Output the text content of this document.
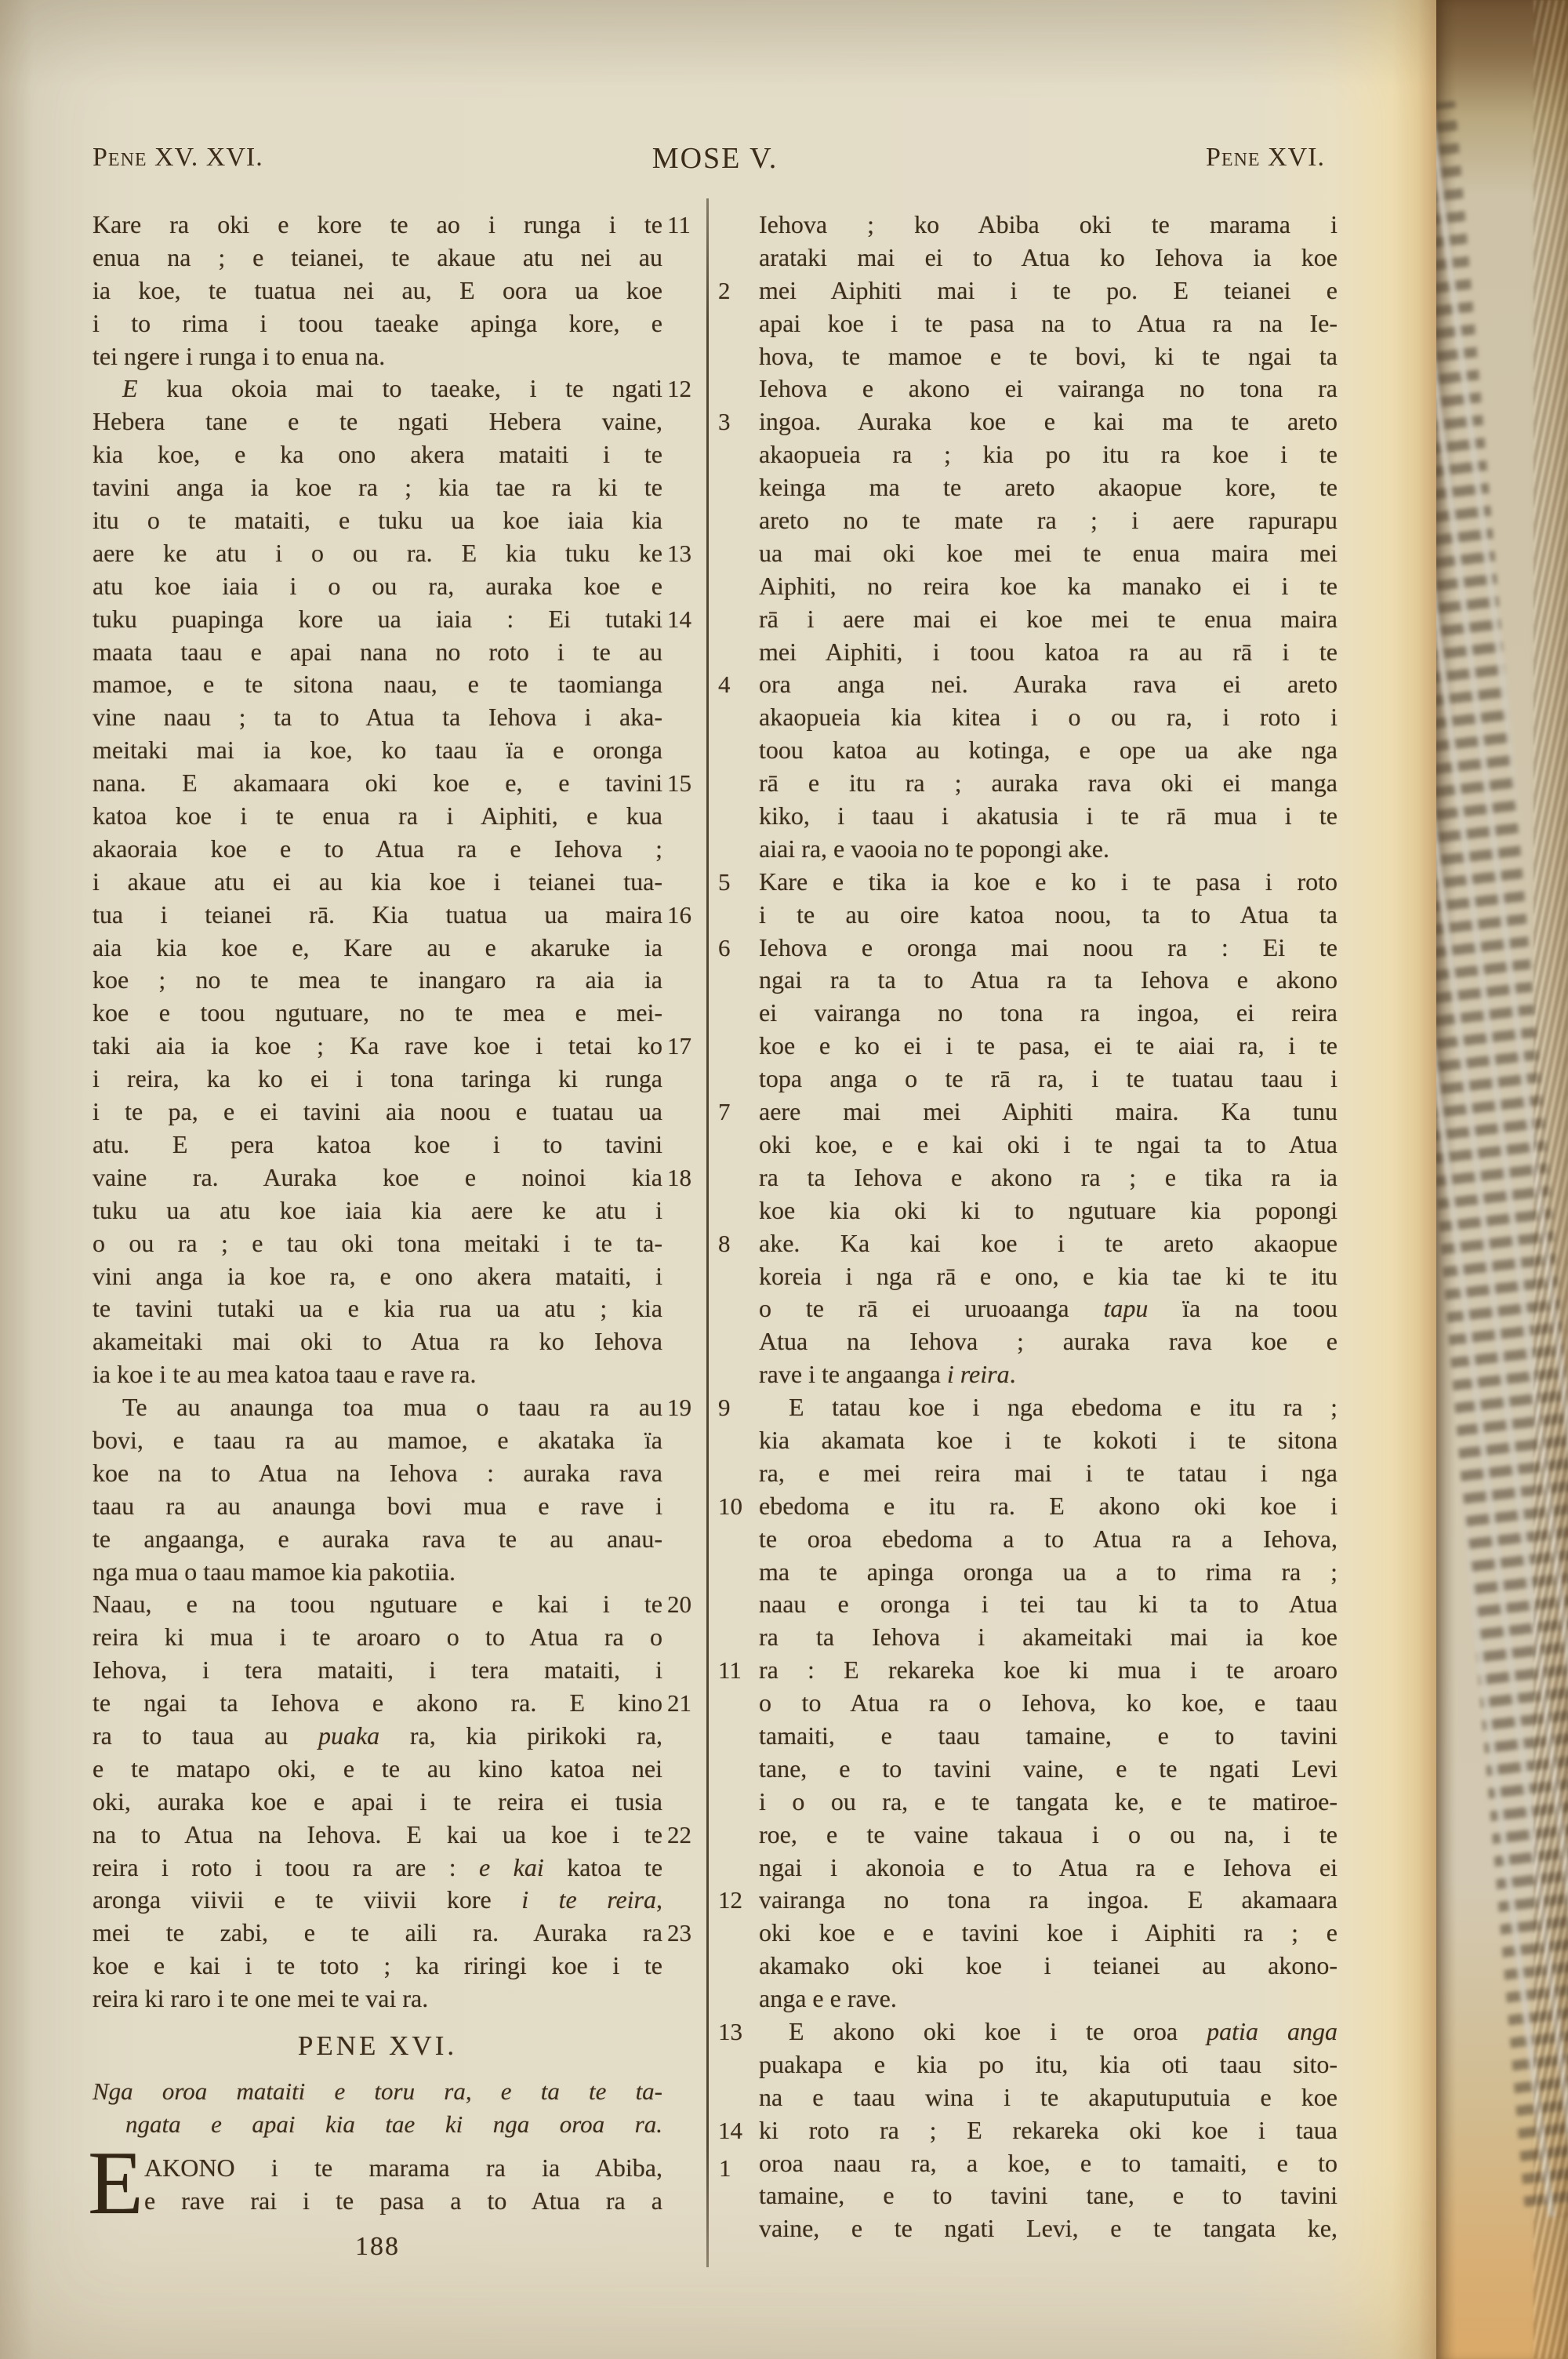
Pene XV. XVI.	MOSE V.	Pene XVI.
Kare ra oki e kore te ao i runga i te 11
enua na ; e teianei, te akaue atu nei au
ia koe, te tuatua nei au, E oora ua koe
i to rima i toou taeake apinga kore, e
tei ngere i runga i to enua na.
E kua okoia mai to taeake, i te ngati 12
Hebera tane e te ngati Hebera vaine,
kia koe, e ka ono akera mataiti i te
tavini anga ia koe ra ; kia tae ra ki te
itu o te mataiti, e tuku ua koe iaia kia
aere ke atu i o ou ra. E kia tuku ke 13
atu koe iaia i o ou ra, auraka koe e
tuku puapinga kore ua iaia : Ei tutaki 14
maata taau e apai nana no roto i te au
mamoe, e te sitona naau, e te taomianga
vine naau ; ta to Atua ta Iehova i aka-
meitaki mai ia koe, ko taau ïa e oronga
nana. E akamaara oki koe e, e tavini 15
katoa koe i te enua ra i Aiphiti, e kua
akaoraia koe e to Atua ra e Iehova ;
i akaue atu ei au kia koe i teianei tua-
tua i teianei rā. Kia tuatua ua maira 16
aia kia koe e, Kare au e akaruke ia
koe ; no te mea te inangaro ra aia ia
koe e toou ngutuare, no te mea e mei-
taki aia ia koe ; Ka rave koe i tetai ko 17
i reira, ka ko ei i tona taringa ki runga
i te pa, e ei tavini aia noou e tuatau ua
atu. E pera katoa koe i to tavini
vaine ra. Auraka koe e noinoi kia 18
tuku ua atu koe iaia kia aere ke atu i
o ou ra ; e tau oki tona meitaki i te ta-
vini anga ia koe ra, e ono akera mataiti, i
te tavini tutaki ua e kia rua ua atu ; kia
akameitaki mai oki to Atua ra ko Iehova
ia koe i te au mea katoa taau e rave ra.
Te au anaunga toa mua o taau ra au 19
bovi, e taau ra au mamoe, e akataka ïa
koe na to Atua na Iehova : auraka rava
taau ra au anaunga bovi mua e rave i
te angaanga, e auraka rava te au anau-
nga mua o taau mamoe kia pakotiia.
Naau, e na toou ngutuare e kai i te 20
reira ki mua i te aroaro o to Atua ra o
Iehova, i tera mataiti, i tera mataiti, i
te ngai ta Iehova e akono ra. E kino 21
ra to taua au puaka ra, kia pirikoki ra,
e te matapo oki, e te au kino katoa nei
oki, auraka koe e apai i te reira ei tusia
na to Atua na Iehova. E kai ua koe i te 22
reira i roto i toou ra are : e kai katoa te
aronga viivii e te viivii kore i te reira,
mei te zabi, e te aili ra. Auraka ra 23
koe e kai i te toto ; ka riringi koe i te
reira ki raro i te one mei te vai ra.
PENE XVI.
Nga oroa mataiti e toru ra, e ta te ta-
ngata e apai kia tae ki nga oroa ra.
E AKONO i te marama ra ia Abiba, 1
e rave rai i te pasa a to Atua ra a
188
Iehova ; ko Abiba oki te marama i
arataki mai ei to Atua ko Iehova ia koe
mei Aiphiti mai i te po. E teianei e
2
apai koe i te pasa na to Atua ra na Ie-
hova, te mamoe e te bovi, ki te ngai ta
Iehova e akono ei vairanga no tona ra
ingoa. Auraka koe e kai ma te areto
3
akaopueia ra ; kia po itu ra koe i te
keinga ma te areto akaopue kore, te
areto no te mate ra ; i aere rapurapu
ua mai oki koe mei te enua maira mei
Aiphiti, no reira koe ka manako ei i te
rā i aere mai ei koe mei te enua maira
mei Aiphiti, i toou katoa ra au rā i te
ora anga nei. Auraka rava ei areto
4
akaopueia kia kitea i o ou ra, i roto i
toou katoa au kotinga, e ope ua ake nga
rā e itu ra ; auraka rava oki ei manga
kiko, i taau i akatusia i te rā mua i te
aiai ra, e vaooia no te popongi ake.
Kare e tika ia koe e ko i te pasa i roto
5
i te au oire katoa noou, ta to Atua ta
Iehova e oronga mai noou ra : Ei te
6
ngai ra ta to Atua ra ta Iehova e akono
ei vairanga no tona ra ingoa, ei reira
koe e ko ei i te pasa, ei te aiai ra, i te
topa anga o te rā ra, i te tuatau taau i
aere mai mei Aiphiti maira. Ka tunu
7
oki koe, e e kai oki i te ngai ta to Atua
ra ta Iehova e akono ra ; e tika ra ia
koe kia oki ki to ngutuare kia popongi
ake. Ka kai koe i te areto akaopue
8
koreia i nga rā e ono, e kia tae ki te itu
o te rā ei uruoaanga tapu ïa na toou
Atua na Iehova ; auraka rava koe e
rave i te angaanga i reira.
E tatau koe i nga ebedoma e itu ra ;
9
kia akamata koe i te kokoti i te sitona
ra, e mei reira mai i te tatau i nga
ebedoma e itu ra. E akono oki koe i
10
te oroa ebedoma a to Atua ra a Iehova,
ma te apinga oronga ua a to rima ra ;
naau e oronga i tei tau ki ta to Atua
ra ta Iehova i akameitaki mai ia koe
ra : E rekareka koe ki mua i te aroaro
11
o to Atua ra o Iehova, ko koe, e taau
tamaiti, e taau tamaine, e to tavini
tane, e to tavini vaine, e te ngati Levi
i o ou ra, e te tangata ke, e te matiroe-
roe, e te vaine takaua i o ou na, i te
ngai i akonoia e to Atua ra e Iehova ei
vairanga no tona ra ingoa. E akamaara
12
oki koe e e tavini koe i Aiphiti ra ; e
akamako oki koe i teianei au akono-
anga e e rave.
E akono oki koe i te oroa patia anga
13
puakapa e kia po itu, kia oti taau sito-
na e taau wina i te akaputuputuia e koe
ki roto ra ; E rekareka oki koe i taua
14
oroa naau ra, a koe, e to tamaiti, e to
tamaine, e to tavini tane, e to tavini
vaine, e te ngati Levi, e te tangata ke,
